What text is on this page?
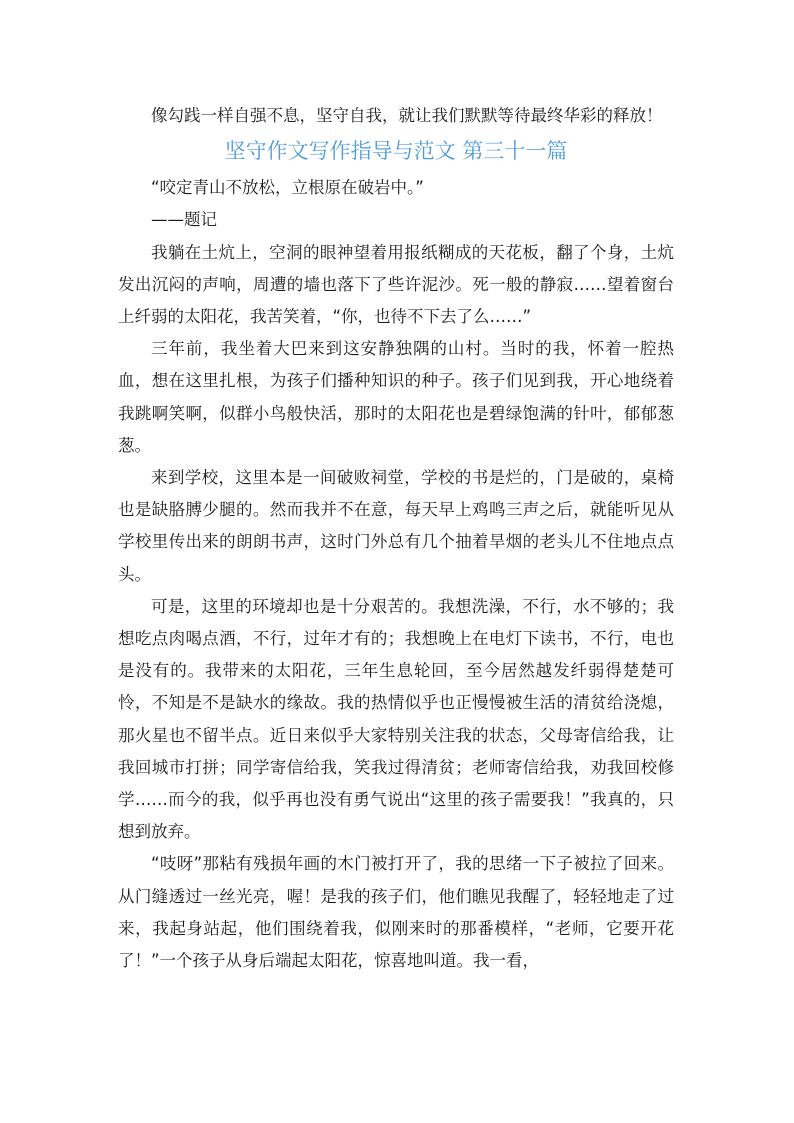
像勾践一样自强不息，坚守自我，就让我们默默等待最终华彩的释放！

坚守作文写作指导与范文 第三十一篇

“咬定青山不放松，立根原在破岩中。”

——题记

我躺在土炕上，空洞的眼神望着用报纸糊成的天花板，翻了个身，土炕发出沉闷的声响，周遭的墙也落下了些许泥沙。死一般的静寂……望着窗台上纤弱的太阳花，我苦笑着，“你，也待不下去了么……”

三年前，我坐着大巴来到这安静独隅的山村。当时的我，怀着一腔热血，想在这里扎根，为孩子们播种知识的种子。孩子们见到我，开心地绕着我跳啊笑啊，似群小鸟般快活，那时的太阳花也是碧绿饱满的针叶，郁郁葱葱。

来到学校，这里本是一间破败祠堂，学校的书是烂的，门是破的，桌椅也是缺胳膊少腿的。然而我并不在意，每天早上鸡鸣三声之后，就能听见从学校里传出来的朗朗书声，这时门外总有几个抽着旱烟的老头儿不住地点点头。

可是，这里的环境却也是十分艰苦的。我想洗澡，不行，水不够的；我想吃点肉喝点酒，不行，过年才有的；我想晚上在电灯下读书，不行，电也是没有的。我带来的太阳花，三年生息轮回，至今居然越发纤弱得楚楚可怜，不知是不是缺水的缘故。我的热情似乎也正慢慢被生活的清贫给浇熄，那火星也不留半点。近日来似乎大家特别关注我的状态，父母寄信给我，让我回城市打拼；同学寄信给我，笑我过得清贫；老师寄信给我，劝我回校修学……而今的我，似乎再也没有勇气说出“这里的孩子需要我！”我真的，只想到放弃。

“吱呀”那粘有残损年画的木门被打开了，我的思绪一下子被拉了回来。从门缝透过一丝光亮，喔！是我的孩子们，他们瞧见我醒了，轻轻地走了过来，我起身站起，他们围绕着我，似刚来时的那番模样，“老师，它要开花了！”一个孩子从身后端起太阳花，惊喜地叫道。我一看，
